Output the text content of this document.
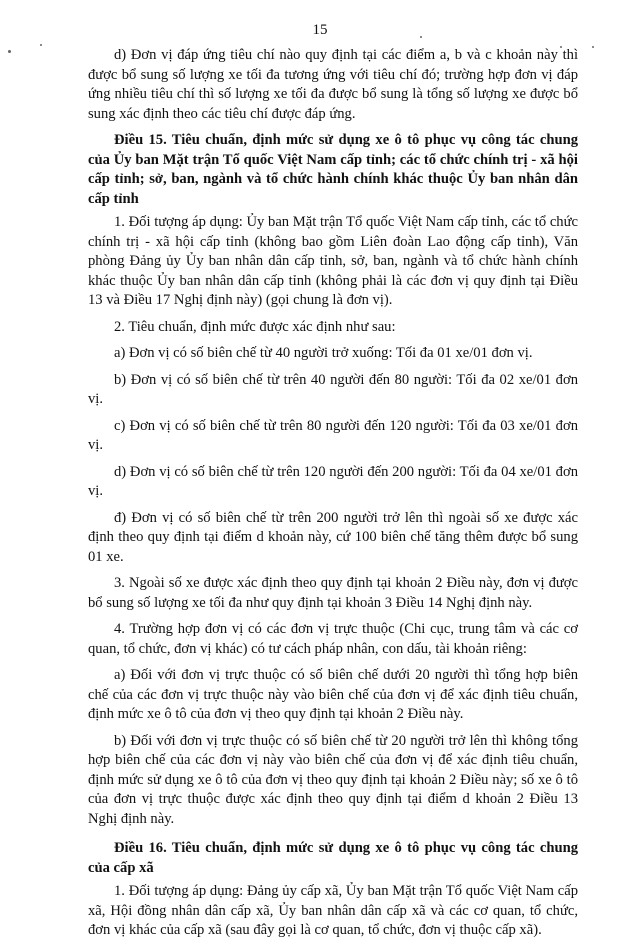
15

d) Đơn vị đáp ứng tiêu chí nào quy định tại các điểm a, b và c khoản này thì được bổ sung số lượng xe tối đa tương ứng với tiêu chí đó; trường hợp đơn vị đáp ứng nhiều tiêu chí thì số lượng xe tối đa được bổ sung là tổng số lượng xe được bổ sung xác định theo các tiêu chí được đáp ứng.

Điều 15. Tiêu chuẩn, định mức sử dụng xe ô tô phục vụ công tác chung của Ủy ban Mặt trận Tổ quốc Việt Nam cấp tỉnh; các tổ chức chính trị - xã hội cấp tỉnh; sở, ban, ngành và tổ chức hành chính khác thuộc Ủy ban nhân dân cấp tỉnh

1. Đối tượng áp dụng: Ủy ban Mặt trận Tổ quốc Việt Nam cấp tỉnh, các tổ chức chính trị - xã hội cấp tỉnh (không bao gồm Liên đoàn Lao động cấp tỉnh), Văn phòng Đảng ủy Ủy ban nhân dân cấp tỉnh, sở, ban, ngành và tổ chức hành chính khác thuộc Ủy ban nhân dân cấp tỉnh (không phải là các đơn vị quy định tại Điều 13 và Điều 17 Nghị định này) (gọi chung là đơn vị).

2. Tiêu chuẩn, định mức được xác định như sau:

a) Đơn vị có số biên chế từ 40 người trở xuống: Tối đa 01 xe/01 đơn vị.

b) Đơn vị có số biên chế từ trên 40 người đến 80 người: Tối đa 02 xe/01 đơn vị.

c) Đơn vị có số biên chế từ trên 80 người đến 120 người: Tối đa 03 xe/01 đơn vị.

d) Đơn vị có số biên chế từ trên 120 người đến 200 người: Tối đa 04 xe/01 đơn vị.

đ) Đơn vị có số biên chế từ trên 200 người trở lên thì ngoài số xe được xác định theo quy định tại điểm d khoản này, cứ 100 biên chế tăng thêm được bổ sung 01 xe.

3. Ngoài số xe được xác định theo quy định tại khoản 2 Điều này, đơn vị được bổ sung số lượng xe tối đa như quy định tại khoản 3 Điều 14 Nghị định này.

4. Trường hợp đơn vị có các đơn vị trực thuộc (Chi cục, trung tâm và các cơ quan, tổ chức, đơn vị khác) có tư cách pháp nhân, con dấu, tài khoản riêng:

a) Đối với đơn vị trực thuộc có số biên chế dưới 20 người thì tổng hợp biên chế của các đơn vị trực thuộc này vào biên chế của đơn vị để xác định tiêu chuẩn, định mức xe ô tô của đơn vị theo quy định tại khoản 2 Điều này.

b) Đối với đơn vị trực thuộc có số biên chế từ 20 người trở lên thì không tổng hợp biên chế của các đơn vị này vào biên chế của đơn vị để xác định tiêu chuẩn, định mức sử dụng xe ô tô của đơn vị theo quy định tại khoản 2 Điều này; số xe ô tô của đơn vị trực thuộc được xác định theo quy định tại điểm d khoản 2 Điều 13 Nghị định này.

Điều 16. Tiêu chuẩn, định mức sử dụng xe ô tô phục vụ công tác chung của cấp xã

1. Đối tượng áp dụng: Đảng ủy cấp xã, Ủy ban Mặt trận Tổ quốc Việt Nam cấp xã, Hội đồng nhân dân cấp xã, Ủy ban nhân dân cấp xã và các cơ quan, tổ chức, đơn vị khác của cấp xã (sau đây gọi là cơ quan, tổ chức, đơn vị thuộc cấp xã).
